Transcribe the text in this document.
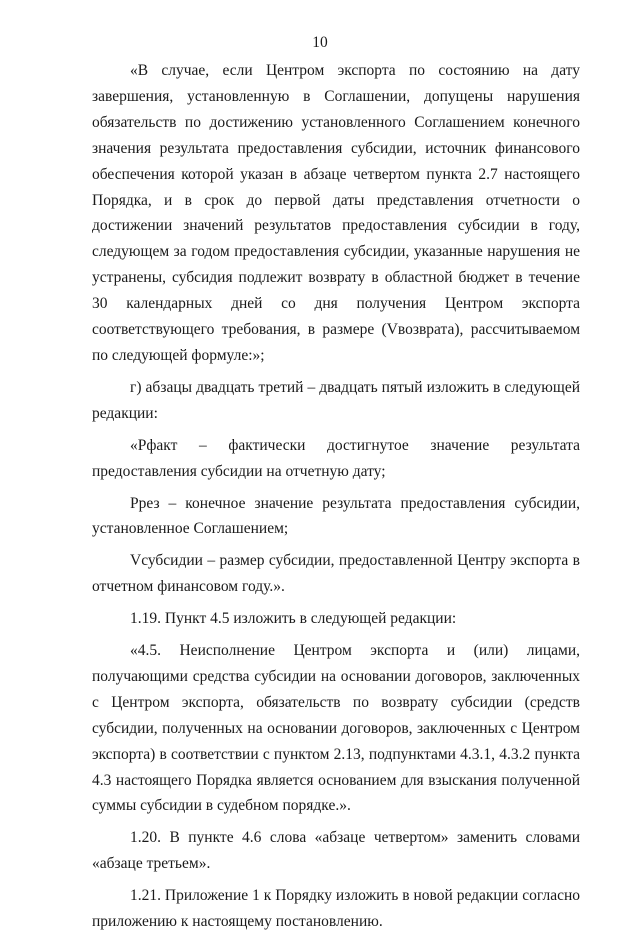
10

«В случае, если Центром экспорта по состоянию на дату завершения, установленную в Соглашении, допущены нарушения обязательств по достижению установленного Соглашением конечного значения результата предоставления субсидии, источник финансового обеспечения которой указан в абзаце четвертом пункта 2.7 настоящего Порядка, и в срок до первой даты представления отчетности о достижении значений результатов предоставления субсидии в году, следующем за годом предоставления субсидии, указанные нарушения не устранены, субсидия подлежит возврату в областной бюджет в течение 30 календарных дней со дня получения Центром экспорта соответствующего требования, в размере (Vвозврата), рассчитываемом по следующей формуле:»;

г) абзацы двадцать третий – двадцать пятый изложить в следующей редакции:

«Рфакт – фактически достигнутое значение результата предоставления субсидии на отчетную дату;

Ррез – конечное значение результата предоставления субсидии, установленное Соглашением;

Vсубсидии – размер субсидии, предоставленной Центру экспорта в отчетном финансовом году.».

1.19. Пункт 4.5 изложить в следующей редакции:

«4.5. Неисполнение Центром экспорта и (или) лицами, получающими средства субсидии на основании договоров, заключенных с Центром экспорта, обязательств по возврату субсидии (средств субсидии, полученных на основании договоров, заключенных с Центром экспорта) в соответствии с пунктом 2.13, подпунктами 4.3.1, 4.3.2 пункта 4.3 настоящего Порядка является основанием для взыскания полученной суммы субсидии в судебном порядке.».

1.20. В пункте 4.6 слова «абзаце четвертом» заменить словами «абзаце третьем».

1.21. Приложение 1 к Порядку изложить в новой редакции согласно приложению к настоящему постановлению.
